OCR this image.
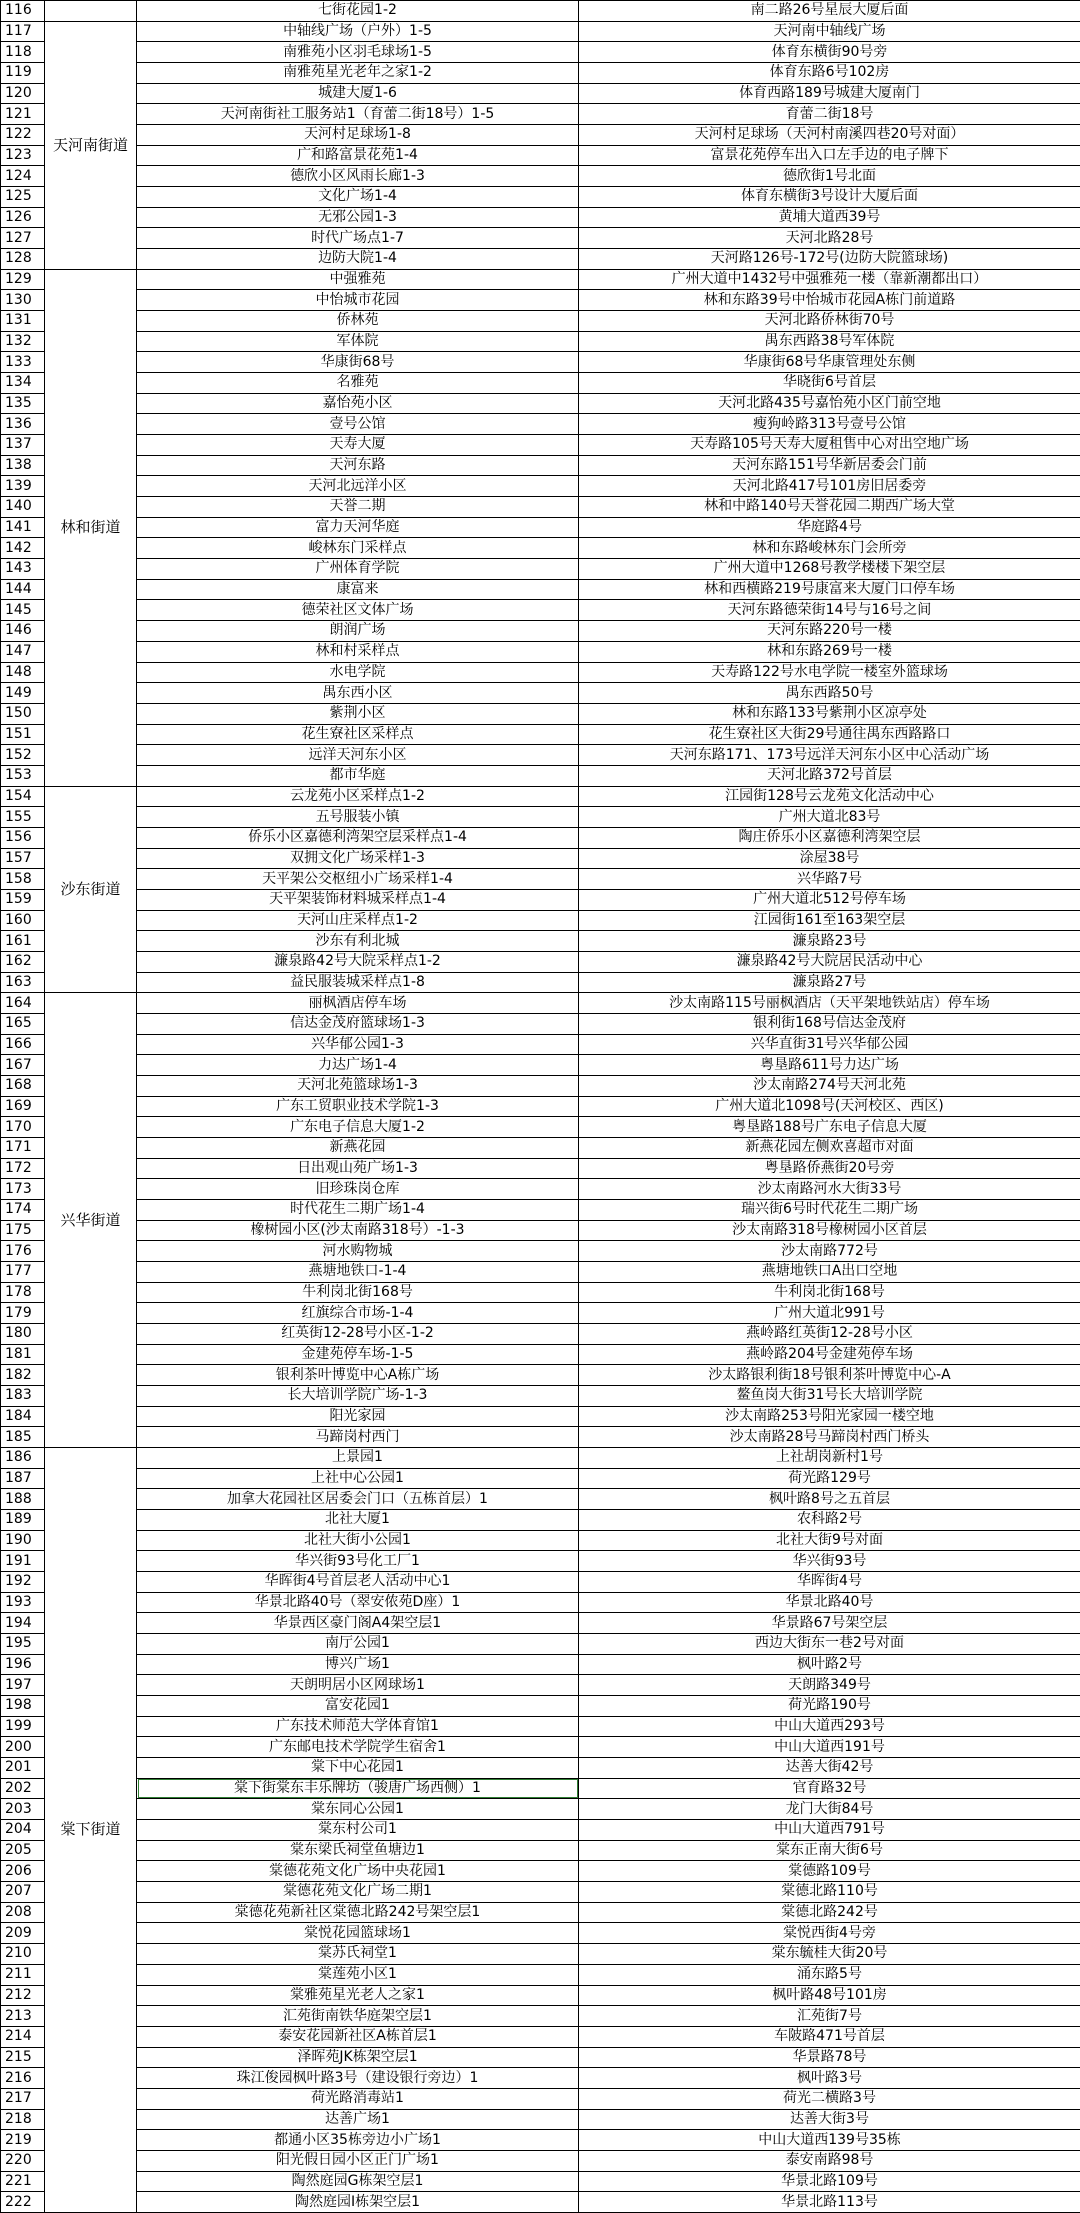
116		七街花园1-2	南二路26号星辰大厦后面
117	天河南街道	中轴线广场（户外）1-5	天河南中轴线广场
118		南雅苑小区羽毛球场1-5	体育东横街90号旁
119		南雅苑星光老年之家1-2	体育东路6号102房
120		城建大厦1-6	体育西路189号城建大厦南门
121		天河南街社工服务站1（育蕾二街18号）1-5	育蕾二街18号
122		天河村足球场1-8	天河村足球场（天河村南溪四巷20号对面）
123		广和路富景花苑1-4	富景花苑停车出入口左手边的电子牌下
124		德欣小区风雨长廊1-3	德欣街1号北面
125		文化广场1-4	体育东横街3号设计大厦后面
126		无邪公园1-3	黄埔大道西39号
127		时代广场点1-7	天河北路28号
128		边防大院1-4	天河路126号-172号(边防大院篮球场)
129	林和街道	中强雅苑	广州大道中1432号中强雅苑一楼（靠新潮都出口）
130		中怡城市花园	林和东路39号中怡城市花园A栋门前道路
131		侨林苑	天河北路侨林街70号
132		军体院	禺东西路38号军体院
133		华康街68号	华康街68号华康管理处东侧
134		名雅苑	华晓街6号首层
135		嘉怡苑小区	天河北路435号嘉怡苑小区门前空地
136		壹号公馆	瘦狗岭路313号壹号公馆
137		天寿大厦	天寿路105号天寿大厦租售中心对出空地广场
138		天河东路	天河东路151号华新居委会门前
139		天河北远洋小区	天河北路417号101房旧居委旁
140		天誉二期	林和中路140号天誉花园二期西广场大堂
141		富力天河华庭	华庭路4号
142		峻林东门采样点	林和东路峻林东门会所旁
143		广州体育学院	广州大道中1268号教学楼楼下架空层
144		康富来	林和西横路219号康富来大厦门口停车场
145		德荣社区文体广场	天河东路德荣街14号与16号之间
146		朗润广场	天河东路220号一楼
147		林和村采样点	林和东路269号一楼
148		水电学院	天寿路122号水电学院一楼室外篮球场
149		禺东西小区	禺东西路50号
150		紫荆小区	林和东路133号紫荆小区凉亭处
151		花生寮社区采样点	花生寮社区大街29号通往禺东西路路口
152		远洋天河东小区	天河东路171、173号远洋天河东小区中心活动广场
153		都市华庭	天河北路372号首层
154	沙东街道	云龙苑小区采样点1-2	江园街128号云龙苑文化活动中心
155		五号服装小镇	广州大道北83号
156		侨乐小区嘉德利湾架空层采样点1-4	陶庄侨乐小区嘉德利湾架空层
157		双拥文化广场采样1-3	涂屋38号
158		天平架公交枢纽小广场采样1-4	兴华路7号
159		天平架装饰材料城采样点1-4	广州大道北512号停车场
160		天河山庄采样点1-2	江园街161至163架空层
161		沙东有利北城	濂泉路23号
162		濂泉路42号大院采样点1-2	濂泉路42号大院居民活动中心
163		益民服装城采样点1-8	濂泉路27号
164	兴华街道	丽枫酒店停车场	沙太南路115号丽枫酒店（天平架地铁站店）停车场
165		信达金茂府篮球场1-3	银利街168号信达金茂府
166		兴华郁公园1-3	兴华直街31号兴华郁公园
167		力达广场1-4	粤垦路611号力达广场
168		天河北苑篮球场1-3	沙太南路274号天河北苑
169		广东工贸职业技术学院1-3	广州大道北1098号(天河校区、西区)
170		广东电子信息大厦1-2	粤垦路188号广东电子信息大厦
171		新燕花园	新燕花园左侧欢喜超市对面
172		日出观山苑广场1-3	粤垦路侨燕街20号旁
173		旧珍珠岗仓库	沙太南路河水大街33号
174		时代花生二期广场1-4	瑞兴街6号时代花生二期广场
175		橡树园小区(沙太南路318号）-1-3	沙太南路318号橡树园小区首层
176		河水购物城	沙太南路772号
177		燕塘地铁口-1-4	燕塘地铁口A出口空地
178		牛利岗北街168号	牛利岗北街168号
179		红旗综合市场-1-4	广州大道北991号
180		红英街12-28号小区-1-2	燕岭路红英街12-28号小区
181		金建苑停车场-1-5	燕岭路204号金建苑停车场
182		银利茶叶博览中心A栋广场	沙太路银利街18号银利茶叶博览中心-A
183		长大培训学院广场-1-3	鳌鱼岗大街31号长大培训学院
184		阳光家园	沙太南路253号阳光家园一楼空地
185		马蹄岗村西门	沙太南路28号马蹄岗村西门桥头
186	棠下街道	上景园1	上社胡岗新村1号
187		上社中心公园1	荷光路129号
188		加拿大花园社区居委会门口（五栋首层）1	枫叶路8号之五首层
189		北社大厦1	农科路2号
190		北社大街小公园1	北社大街9号对面
191		华兴街93号化工厂1	华兴街93号
192		华晖街4号首层老人活动中心1	华晖街4号
193		华景北路40号（翠安侬苑D座）1	华景北路40号
194		华景西区豪门阁A4架空层1	华景路67号架空层
195		南厅公园1	西边大街东一巷2号对面
196		博兴广场1	枫叶路2号
197		天朗明居小区网球场1	天朗路349号
198		富安花园1	荷光路190号
199		广东技术师范大学体育馆1	中山大道西293号
200		广东邮电技术学院学生宿舍1	中山大道西191号
201		棠下中心花园1	达善大街42号
202		棠下街棠东丰乐牌坊（骏唐广场西侧）1	官育路32号
203		棠东同心公园1	龙门大街84号
204		棠东村公司1	中山大道西791号
205		棠东梁氏祠堂鱼塘边1	棠东正南大街6号
206		棠德花苑文化广场中央花园1	棠德路109号
207		棠德花苑文化广场二期1	棠德北路110号
208		棠德花苑新社区棠德北路242号架空层1	棠德北路242号
209		棠悦花园篮球场1	棠悦西街4号旁
210		棠苏氏祠堂1	棠东毓桂大街20号
211		棠莲苑小区1	涌东路5号
212		棠雅苑星光老人之家1	枫叶路48号101房
213		汇苑街南铁华庭架空层1	汇苑街7号
214		泰安花园新社区A栋首层1	车陂路471号首层
215		泽晖苑JK栋架空层1	华景路78号
216		珠江俊园枫叶路3号（建设银行旁边）1	枫叶路3号
217		荷光路消毒站1	荷光二横路3号
218		达善广场1	达善大街3号
219		都通小区35栋旁边小广场1	中山大道西139号35栋
220		阳光假日园小区正门广场1	泰安南路98号
221		陶然庭园G栋架空层1	华景北路109号
222		陶然庭园I栋架空层1	华景北路113号
